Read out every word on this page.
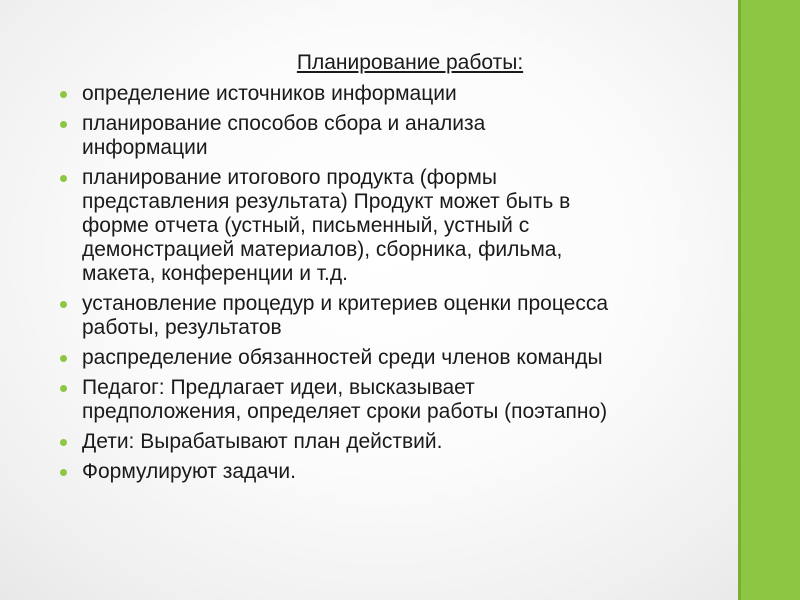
Планирование работы:
определение источников информации
планирование способов сбора и анализа
информации
планирование итогового продукта (формы
представления результата) Продукт может быть в
форме отчета (устный, письменный, устный с
демонстрацией материалов), сборника, фильма,
макета, конференции и т.д.
установление процедур и критериев оценки процесса
работы, результатов
распределение обязанностей среди членов команды
Педагог: Предлагает идеи, высказывает
предположения, определяет сроки работы (поэтапно)
Дети: Вырабатывают план действий.
Формулируют задачи.
